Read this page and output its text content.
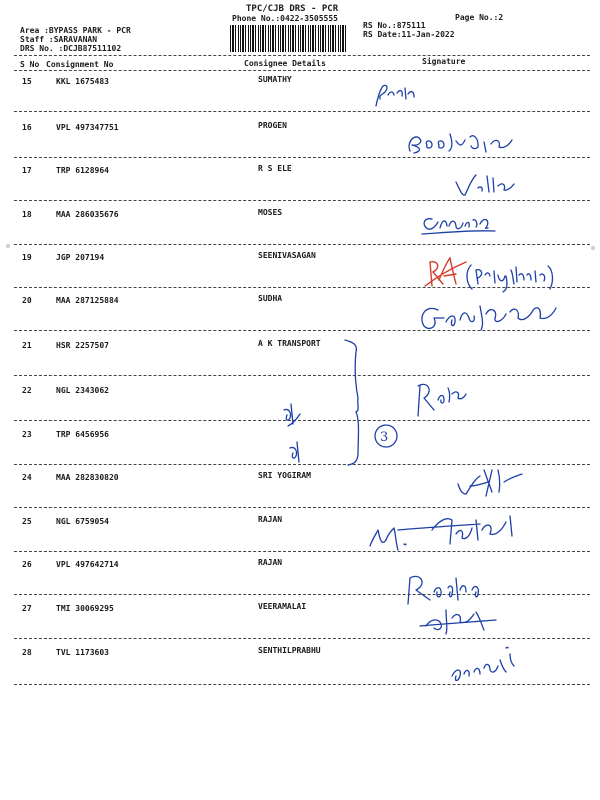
TPC/CJB DRS - PCR
Phone No.:0422-3505555	Page No.:2
Area :BYPASS PARK - PCR
Staff :SARAVANAN
DRS No. :DCJB87511102
RS No.:875111
RS Date:11-Jan-2022
S No Consignment No	Consignee Details	Signature
15	KKL 1675483	SUMATHY
16	VPL 497347751	PROGEN
17	TRP 6128964	R S ELE
18	MAA 286035676	MOSES
19	JGP 207194	SEENIVASAGAN
20	MAA 287125884	SUDHA
21	HSR 2257507	A K TRANSPORT
22	NGL 2343062
23	TRP 6456956
24	MAA 282830820	SRI YOGIRAM
25	NGL 6759054	RAJAN
26	VPL 497642714	RAJAN
27	TMI 30069295	VEERAMALAI
28	TVL 1173603	SENTHILPRABHU
Velu
3
Radha
